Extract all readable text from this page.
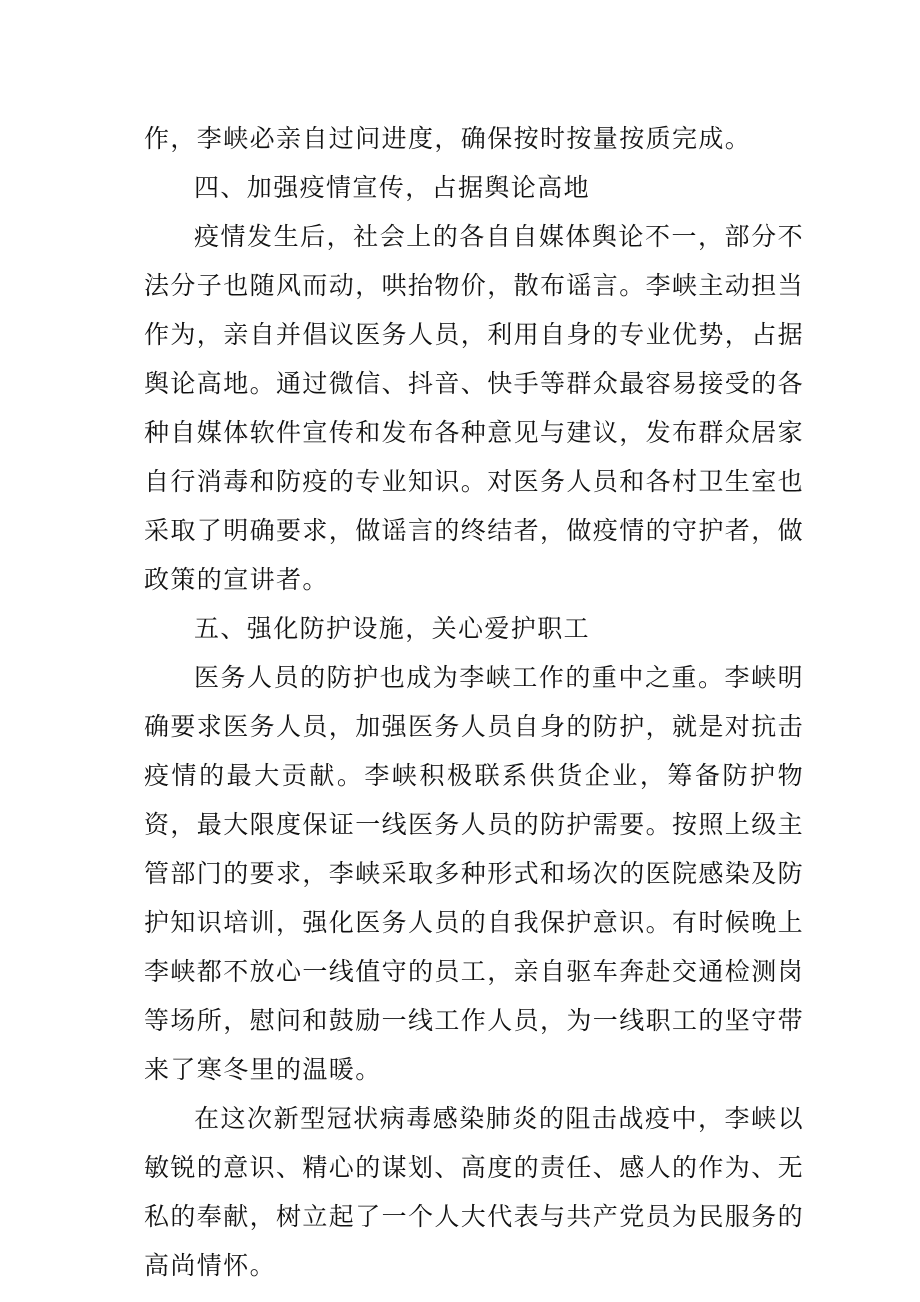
作，李峡必亲自过问进度，确保按时按量按质完成。

四、加强疫情宣传，占据舆论高地

疫情发生后，社会上的各自自媒体舆论不一，部分不法分子也随风而动，哄抬物价，散布谣言。李峡主动担当作为，亲自并倡议医务人员，利用自身的专业优势，占据舆论高地。通过微信、抖音、快手等群众最容易接受的各种自媒体软件宣传和发布各种意见与建议，发布群众居家自行消毒和防疫的专业知识。对医务人员和各村卫生室也采取了明确要求，做谣言的终结者，做疫情的守护者，做政策的宣讲者。

五、强化防护设施，关心爱护职工

医务人员的防护也成为李峡工作的重中之重。李峡明确要求医务人员，加强医务人员自身的防护，就是对抗击疫情的最大贡献。李峡积极联系供货企业，筹备防护物资，最大限度保证一线医务人员的防护需要。按照上级主管部门的要求，李峡采取多种形式和场次的医院感染及防护知识培训，强化医务人员的自我保护意识。有时候晚上李峡都不放心一线值守的员工，亲自驱车奔赴交通检测岗等场所，慰问和鼓励一线工作人员，为一线职工的坚守带来了寒冬里的温暖。

在这次新型冠状病毒感染肺炎的阻击战疫中，李峡以敏锐的意识、精心的谋划、高度的责任、感人的作为、无私的奉献，树立起了一个人大代表与共产党员为民服务的高尚情怀。
